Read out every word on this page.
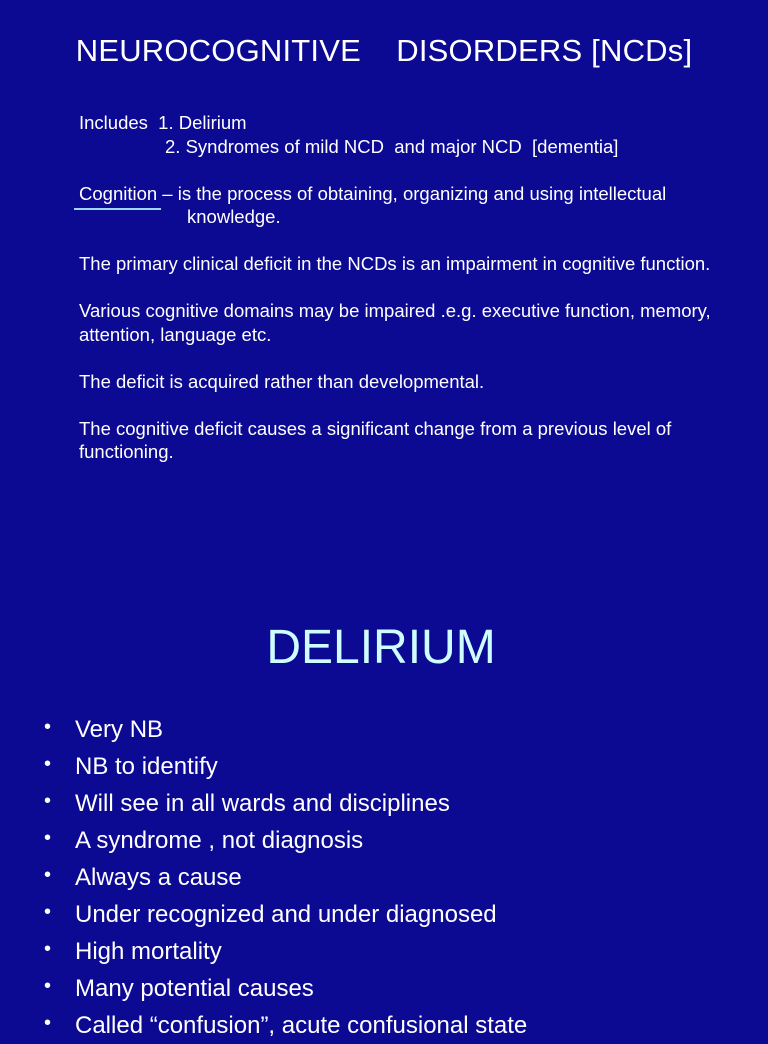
NEUROCOGNITIVE    DISORDERS [NCDs]

Includes  1. Delirium
2. Syndromes of mild NCD  and major NCD  [dementia]

Cognition
– is the process of obtaining, organizing and using intellectual
knowledge.

The primary clinical deficit in the NCDs is an impairment in cognitive function.

Various cognitive domains may be impaired .e.g. executive function, memory, attention, language etc.

The deficit is acquired rather than developmental.

The cognitive deficit causes a significant change from a previous level of functioning.

DELIRIUM
• Very NB
• NB to identify
• Will see in all wards and disciplines
• A syndrome , not diagnosis
• Always a cause
• Under recognized and under diagnosed
• High mortality
• Many potential causes
• Called “confusion”, acute confusional state
